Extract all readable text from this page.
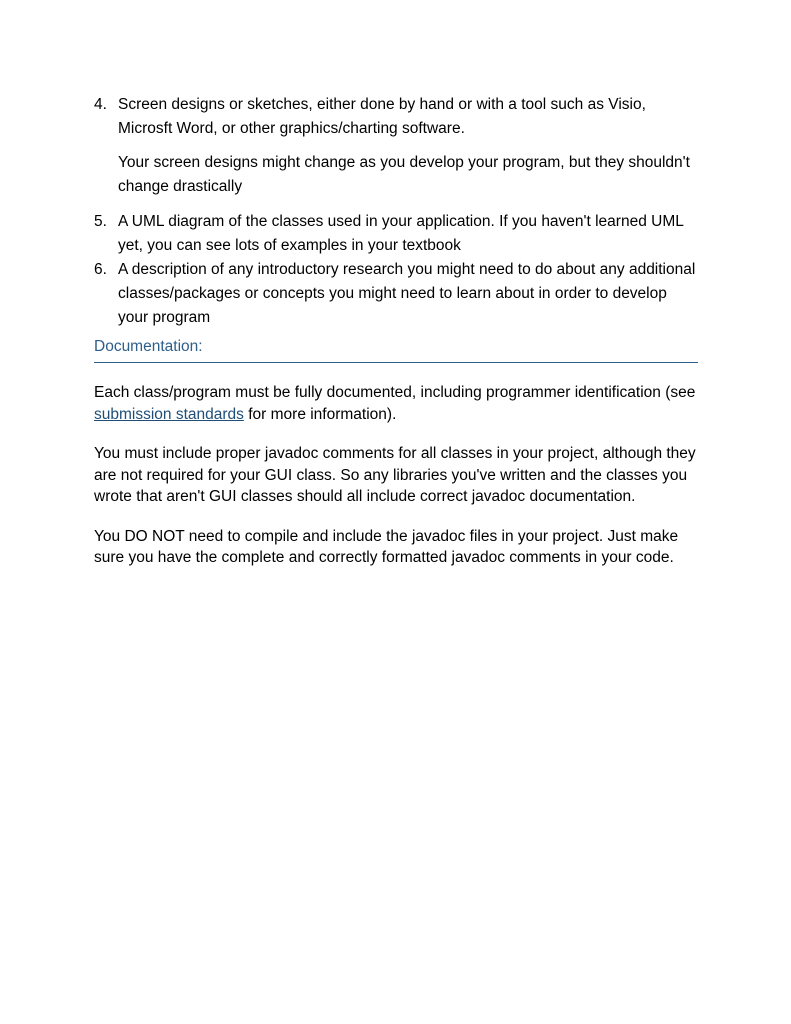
4. Screen designs or sketches, either done by hand or with a tool such as Visio, Microsft Word, or other graphics/charting software.

Your screen designs might change as you develop your program, but they shouldn't change drastically

5. A UML diagram of the classes used in your application. If you haven't learned UML yet, you can see lots of examples in your textbook
6. A description of any introductory research you might need to do about any additional classes/packages or concepts you might need to learn about in order to develop your program
Documentation:

Each class/program must be fully documented, including programmer identification (see submission standards for more information).

You must include proper javadoc comments for all classes in your project, although they are not required for your GUI class. So any libraries you've written and the classes you wrote that aren't GUI classes should all include correct javadoc documentation.

You DO NOT need to compile and include the javadoc files in your project. Just make sure you have the complete and correctly formatted javadoc comments in your code.
